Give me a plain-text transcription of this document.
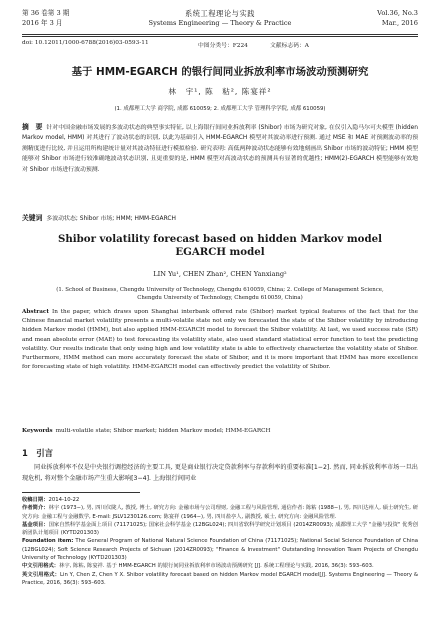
第 36 卷第 3 期
2016 年 3 月
系统工程理论与实践
Systems Engineering — Theory & Practice
Vol.36, No.3
Mar., 2016
doi: 10.12011/1000-6788(2016)03-0593-11	中图分类号：F224	文献标志码：A
基于 HMM-EGARCH 的银行间同业拆放利率市场波动预测研究
林　宇¹, 陈　粘², 陈宴祥²
(1. 成都理工大学 商学院, 成都 610059; 2. 成都理工大学 管理科学学院, 成都 610059)
摘　要 针对中国金融市场发展的多波动状态的典型事实特征, 以上海银行间同业拆放利率 (Shibor) 市场为研究对象, 在仅引入隐马尔可夫模型 (hidden Markov model, HMM) 对其进行了波动状态的识别, 以此为基础引入 HMM-EGARCH 模型对其波动率进行预测. 通过 MSE 和 MAE 对预测波动率的预测精度进行比较, 并且运用所构建统计量对其波动特征进行模拟检验. 研究表明: 高低两种波动状态能够有效地刻画出 Shibor 市场的波动特征; HMM 模型能够对 Shibor 市场进行较准确地波动状态识别, 且更重要的是, HMM 模型对高波动状态的预测具有显著的优越性; HMM(2)-EGARCH 模型能够有效地对 Shibor 市场进行波动预测.
关键词 多波动状态; Shibor 市场; HMM; HMM-EGARCH
Shibor volatility forecast based on hidden Markov model
EGARCH model
LIN Yu¹, CHEN Zhan², CHEN Yanxiang²
(1. School of Business, Chengdu University of Technology, Chengdu 610059, China; 2. College of Management Science,
Chengdu University of Technology, Chengdu 610059, China)
Abstract In the paper, which draws upon Shanghai interbank offered rate (Shibor) market typical features of the fact that for the Chinese financial market volatility presents a multi-volatile state not only we forecasted the state of the Shibor volatility by introducing hidden Markov model (HMM), but also applied HMM-EGARCH model to forecast the Shibor volatility. At last, we used success rate (SR) and mean absolute error (MAE) to test forecasting its volatility state, also used standard statistical error function to test the predicting volatility. Our results indicate that only using high and low volatility state is able to effectively characterize the volatility state of Shibor. Furthermore, HMM method can more accurately forecast the state of Shibor, and it is more important that HMM has more excellence for forecasting state of high volatility. HMM-EGARCH model can effectively predict the volatility of Shibor.
Keywords multi-volatile state; Shibor market; hidden Markov model; HMM-EGARCH
1　引言
同业拆放利率不仅是中央银行调控经济的主要工具, 更是商业银行决定贷款利率与存款利率的重要标准[1−2]. 然而, 同业拆放利率市场一旦出现危机, 将对整个金融市场产生重大影响[3−4]. 上海银行间同业

收稿日期：2014-10-22

作者简介：林宇 (1973−), 男, 四川仪陇人, 教授, 博士, 研究方向: 金融市场与公司理财, 金融工程与风险管理, 通信作者: 陈粘 (1988−), 男, 四川达州人, 硕士研究生, 研究方向: 金融工程与金融数学, E-mail: JSLV1230126.com; 陈宴祥 (1964−), 男, 四川盐亭人, 副教授, 硕士, 研究方向: 金融风险管理.

基金项目：国家自然科学基金面上项目 (71171025); 国家社会科学基金 (12BGL024); 四川省软科学研究计划项目 (2014ZR0093); 成都理工大学 "金融与投资" 优秀创新团队计划项目 (KYTD201303)

Foundation item: The General Program of National Natural Science Foundation of China (71171025); National Social Science Foundation of China (12BGL024); Soft Science Research Projects of Sichuan (2014ZR0093); "Finance & Investment" Outstanding Innovation Team Projects of Chengdu University of Technology (KYTD201303)

中文引用格式：林宇, 陈粘, 陈宴祥. 基于 HMM-EGARCH 的银行间同业拆放利率市场波动预测研究 [J]. 系统工程理论与实践, 2016, 36(3): 593–603.

英文引用格式：Lin Y, Chen Z, Chen Y X. Shibor volatility forecast based on hidden Markov model EGARCH model[J]. Systems Engineering — Theory & Practice, 2016, 36(3): 593–603.
